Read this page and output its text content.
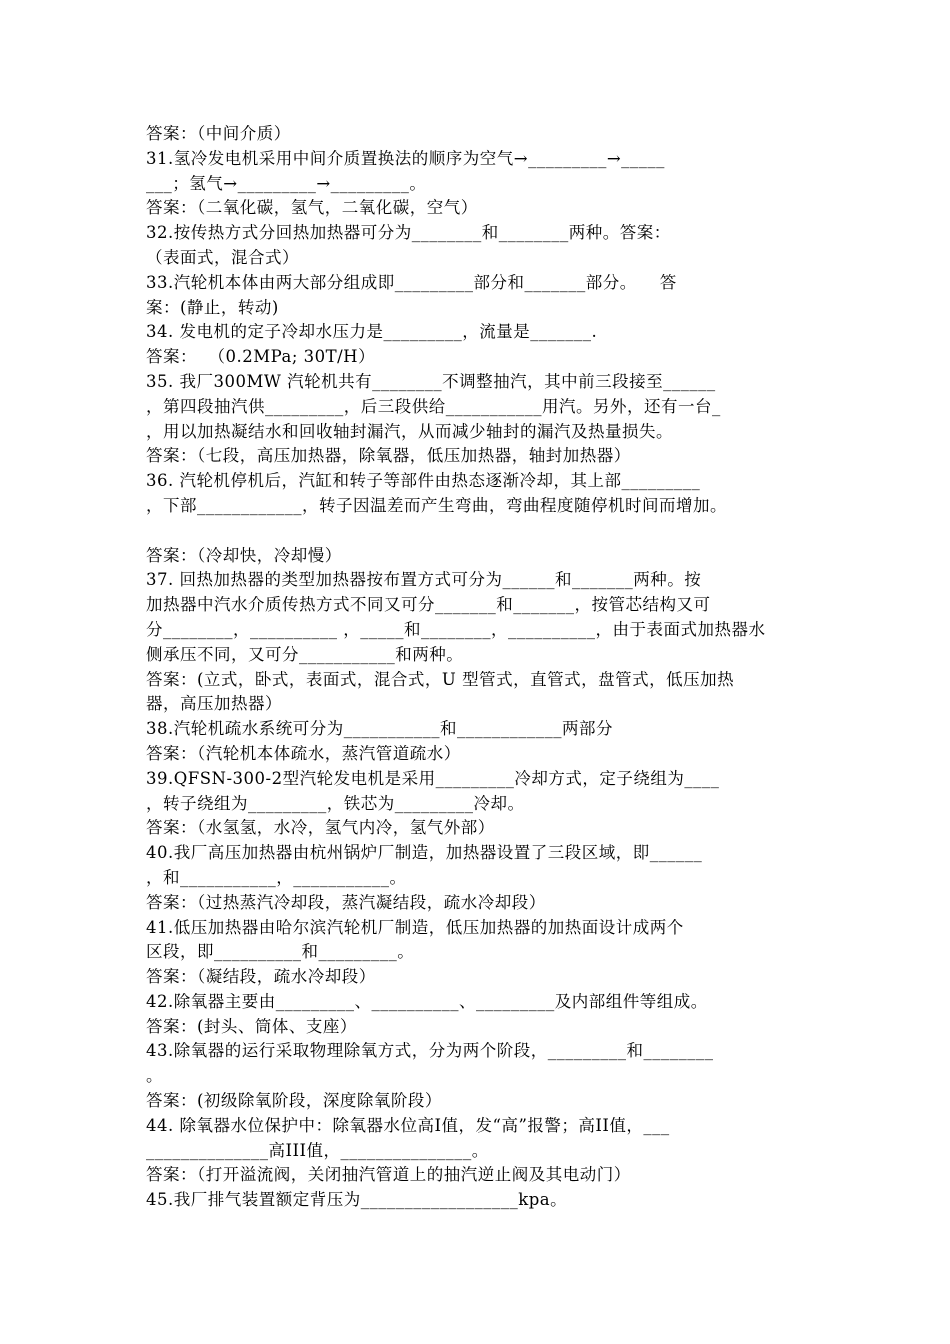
答案：（中间介质）
31.氢冷发电机采用中间介质置换法的顺序为空气→_________→_____
___；氢气→_________→_________。
答案：（二氧化碳，氢气，二氧化碳，空气）
32.按传热方式分回热加热器可分为________和________两种。答案：
（表面式，混合式）
33.汽轮机本体由两大部分组成即_________部分和_______部分。    答
案：(静止，转动)
34. 发电机的定子冷却水压力是_________，流量是_______.
答案：  （0.2MPa; 30T/H）
35. 我厂300MW 汽轮机共有________不调整抽汽，其中前三段接至______
，第四段抽汽供_________，后三段供给___________用汽。另外，还有一台_
，用以加热凝结水和回收轴封漏汽，从而减少轴封的漏汽及热量损失。
答案：（七段，高压加热器，除氧器，低压加热器，轴封加热器）
36. 汽轮机停机后，汽缸和转子等部件由热态逐渐冷却，其上部_________
，下部____________，转子因温差而产生弯曲，弯曲程度随停机时间而增加。
答案：（冷却快，冷却慢）
37. 回热加热器的类型加热器按布置方式可分为______和_______两种。按
加热器中汽水介质传热方式不同又可分_______和_______，按管芯结构又可
分________，__________ ，_____和________，__________，由于表面式加热器水
侧承压不同，又可分___________和两种。
答案：(立式，卧式，表面式，混合式，U 型管式，直管式，盘管式，低压加热
器，高压加热器）
38.汽轮机疏水系统可分为___________和____________两部分
答案：（汽轮机本体疏水，蒸汽管道疏水）
39.QFSN-300-2型汽轮发电机是采用_________冷却方式，定子绕组为____
，转子绕组为_________，铁芯为_________冷却。
答案：（水氢氢，水冷，氢气内冷，氢气外部）
40.我厂高压加热器由杭州锅炉厂制造，加热器设置了三段区域，即______
，和___________，___________。
答案：（过热蒸汽冷却段，蒸汽凝结段，疏水冷却段）
41.低压加热器由哈尔滨汽轮机厂制造，低压加热器的加热面设计成两个
区段，即__________和_________。
答案：（凝结段，疏水冷却段）
42.除氧器主要由_________、__________、_________及内部组件等组成。
答案：(封头、筒体、支座）
43.除氧器的运行采取物理除氧方式，分为两个阶段，_________和________
。
答案：(初级除氧阶段，深度除氧阶段）
44. 除氧器水位保护中：除氧器水位高I值，发“高”报警；高II值，___
______________高III值，_______________。
答案：（打开溢流阀，关闭抽汽管道上的抽汽逆止阀及其电动门）
45.我厂排气装置额定背压为__________________kpa。
